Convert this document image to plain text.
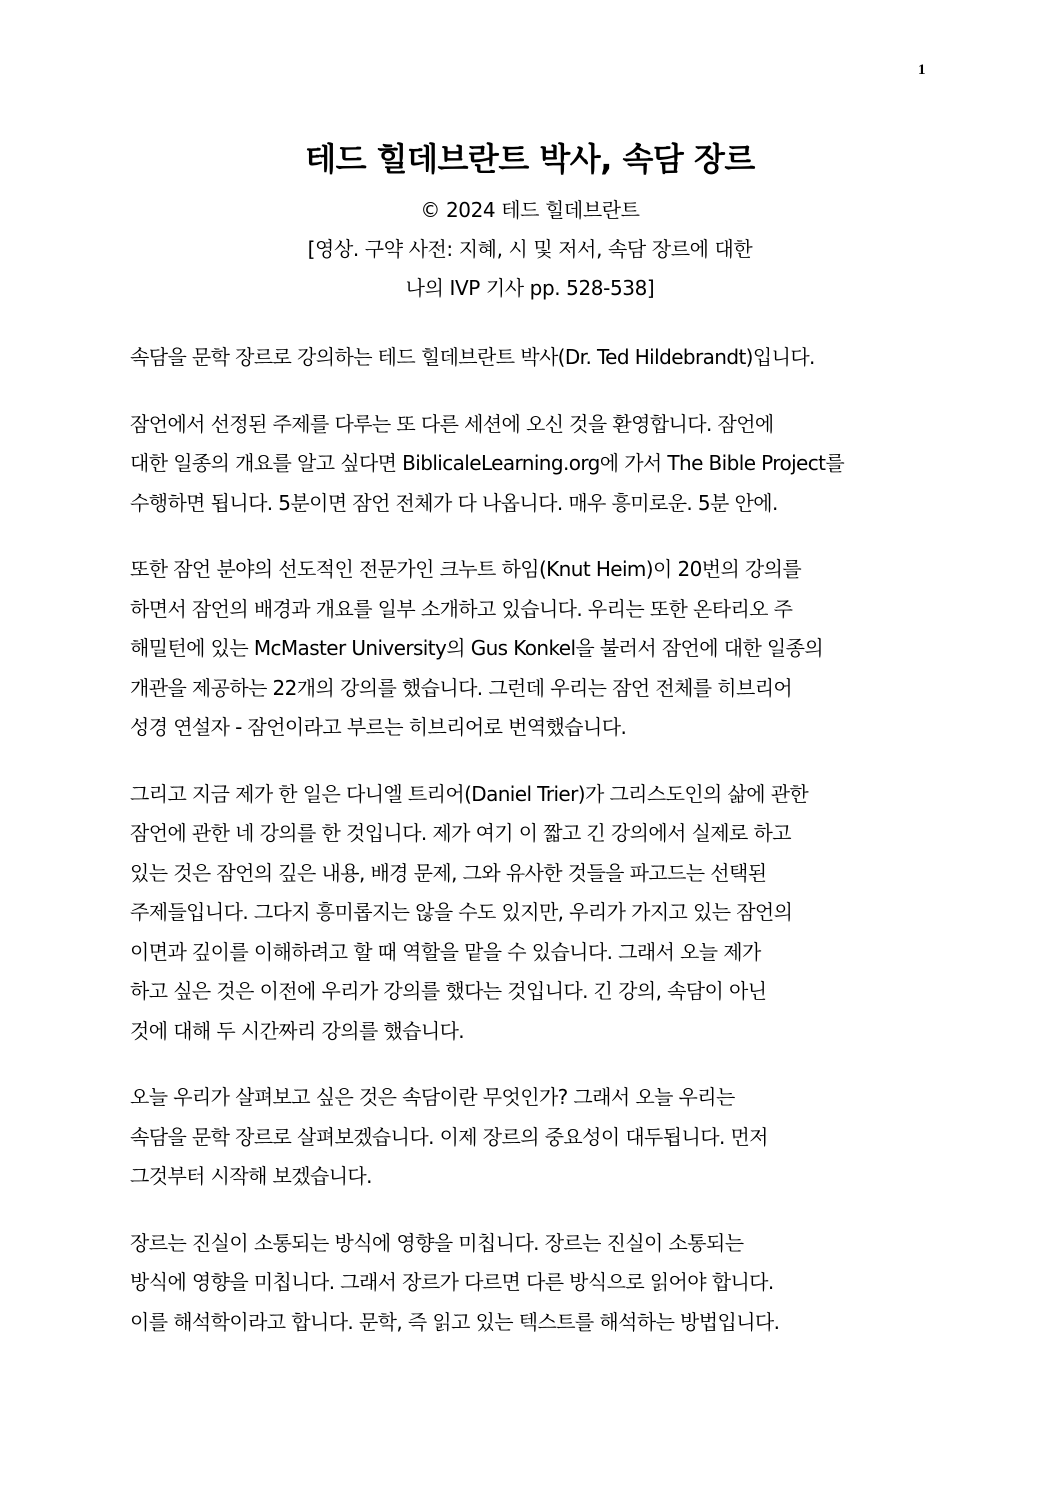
1
테드 힐데브란트 박사, 속담 장르

© 2024 테드 힐데브란트

[영상. 구약 사전: 지혜, 시 및 저서, 속담 장르에 대한

나의 IVP 기사 pp. 528-538]

속담을 문학 장르로 강의하는 테드 힐데브란트 박사(Dr. Ted Hildebrandt)입니다.
잠언에서 선정된 주제를 다루는 또 다른 세션에 오신 것을 환영합니다. 잠언에
대한 일종의 개요를 알고 싶다면 BiblicaleLearning.org에 가서 The Bible Project를
수행하면 됩니다. 5분이면 잠언 전체가 다 나옵니다. 매우 흥미로운. 5분 안에.
또한 잠언 분야의 선도적인 전문가인 크누트 하임(Knut Heim)이 20번의 강의를
하면서 잠언의 배경과 개요를 일부 소개하고 있습니다. 우리는 또한 온타리오 주
해밀턴에 있는 McMaster University의 Gus Konkel을 불러서 잠언에 대한 일종의
개관을 제공하는 22개의 강의를 했습니다. 그런데 우리는 잠언 전체를 히브리어
성경 연설자 - 잠언이라고 부르는 히브리어로 번역했습니다.
그리고 지금 제가 한 일은 다니엘 트리어(Daniel Trier)가 그리스도인의 삶에 관한
잠언에 관한 네 강의를 한 것입니다. 제가 여기 이 짧고 긴 강의에서 실제로 하고
있는 것은 잠언의 깊은 내용, 배경 문제, 그와 유사한 것들을 파고드는 선택된
주제들입니다. 그다지 흥미롭지는 않을 수도 있지만, 우리가 가지고 있는 잠언의
이면과 깊이를 이해하려고 할 때 역할을 맡을 수 있습니다. 그래서 오늘 제가
하고 싶은 것은 이전에 우리가 강의를 했다는 것입니다. 긴 강의, 속담이 아닌
것에 대해 두 시간짜리 강의를 했습니다.
오늘 우리가 살펴보고 싶은 것은 속담이란 무엇인가? 그래서 오늘 우리는
속담을 문학 장르로 살펴보겠습니다. 이제 장르의 중요성이 대두됩니다. 먼저
그것부터 시작해 보겠습니다.
장르는 진실이 소통되는 방식에 영향을 미칩니다. 장르는 진실이 소통되는
방식에 영향을 미칩니다. 그래서 장르가 다르면 다른 방식으로 읽어야 합니다.
이를 해석학이라고 합니다. 문학, 즉 읽고 있는 텍스트를 해석하는 방법입니다.
